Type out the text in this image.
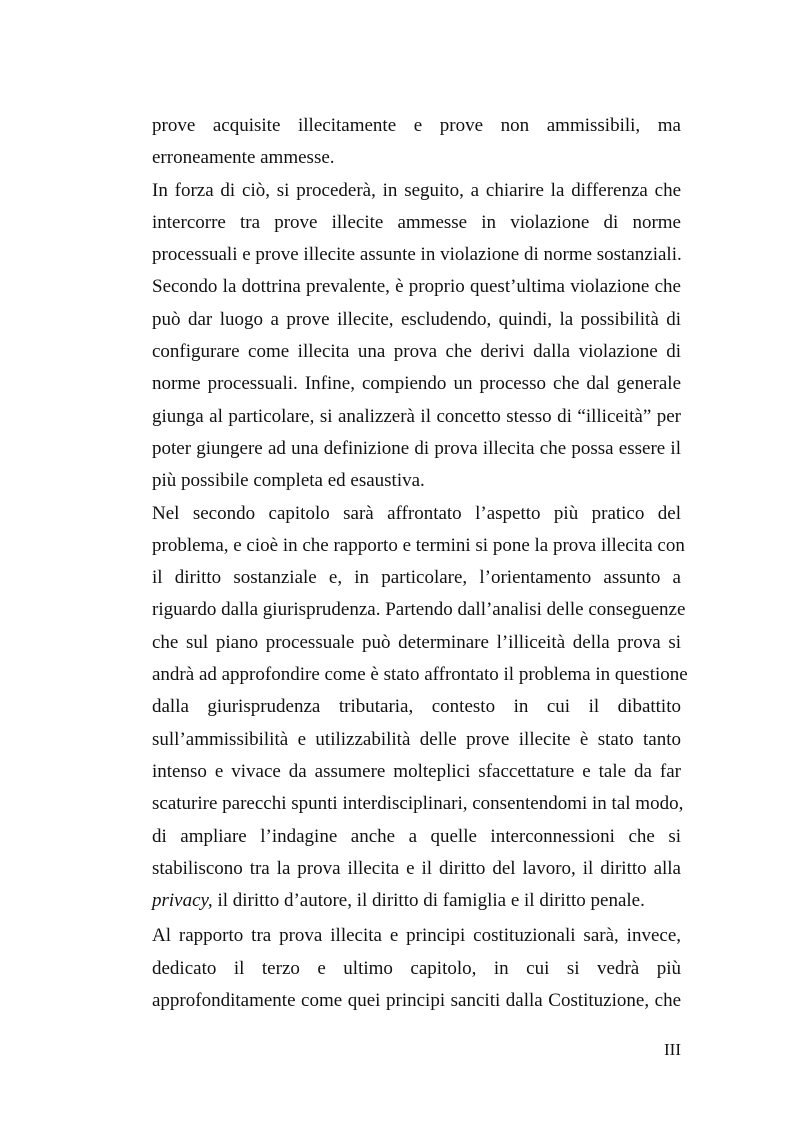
prove acquisite illecitamente e prove non ammissibili, ma
erroneamente ammesse.
In forza di ciò, si procederà, in seguito, a chiarire la differenza che
intercorre tra prove illecite ammesse in violazione di norme
processuali e prove illecite assunte in violazione di norme sostanziali.
Secondo la dottrina prevalente, è proprio quest’ultima violazione che
può dar luogo a prove illecite, escludendo, quindi, la possibilità di
configurare come illecita una prova che derivi dalla violazione di
norme processuali. Infine, compiendo un processo che dal generale
giunga al particolare, si analizzerà il concetto stesso di “illiceità” per
poter giungere ad una definizione di prova illecita che possa essere il
più possibile completa ed esaustiva.
Nel secondo capitolo sarà affrontato l’aspetto più pratico del
problema, e cioè in che rapporto e termini si pone la prova illecita con
il diritto sostanziale e, in particolare, l’orientamento assunto a
riguardo dalla giurisprudenza. Partendo dall’analisi delle conseguenze
che sul piano processuale può determinare l’illiceità della prova si
andrà ad approfondire come è stato affrontato il problema in questione
dalla giurisprudenza tributaria, contesto in cui il dibattito
sull’ammissibilità e utilizzabilità delle prove illecite è stato tanto
intenso e vivace da assumere molteplici sfaccettature e tale da far
scaturire parecchi spunti interdisciplinari, consentendomi in tal modo,
di ampliare l’indagine anche a quelle interconnessioni che si
stabiliscono tra la prova illecita e il diritto del lavoro, il diritto alla
privacy, il diritto d’autore, il diritto di famiglia e il diritto penale.
Al rapporto tra prova illecita e principi costituzionali sarà, invece,
dedicato il terzo e ultimo capitolo, in cui si vedrà più
approfonditamente come quei principi sanciti dalla Costituzione, che
III
